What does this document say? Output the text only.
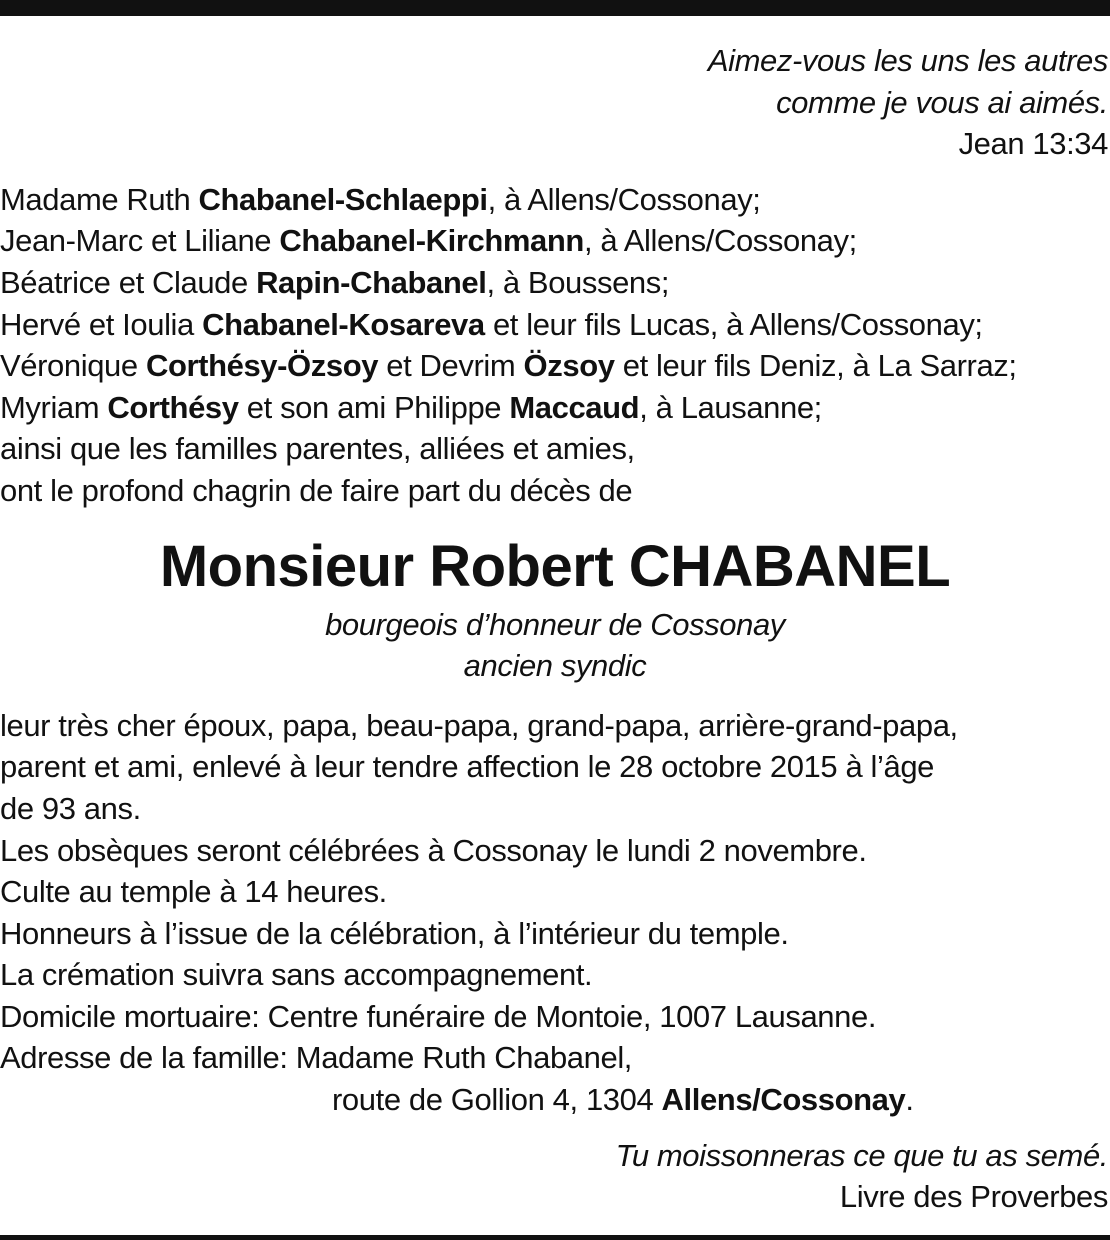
Aimez-vous les uns les autres
comme je vous ai aimés.
Jean 13:34
Madame Ruth Chabanel-Schlaeppi, à Allens/Cossonay;
Jean-Marc et Liliane Chabanel-Kirchmann, à Allens/Cossonay;
Béatrice et Claude Rapin-Chabanel, à Boussens;
Hervé et Ioulia Chabanel-Kosareva et leur fils Lucas, à Allens/Cossonay;
Véronique Corthésy-Özsoy et Devrim Özsoy et leur fils Deniz, à La Sarraz;
Myriam Corthésy et son ami Philippe Maccaud, à Lausanne;
ainsi que les familles parentes, alliées et amies,
ont le profond chagrin de faire part du décès de
Monsieur Robert CHABANEL
bourgeois d’honneur de Cossonay
ancien syndic
leur très cher époux, papa, beau-papa, grand-papa, arrière-grand-papa,
parent et ami, enlevé à leur tendre affection le 28 octobre 2015 à l’âge
de 93 ans.
Les obsèques seront célébrées à Cossonay le lundi 2 novembre.
Culte au temple à 14 heures.
Honneurs à l’issue de la célébration, à l’intérieur du temple.
La crémation suivra sans accompagnement.
Domicile mortuaire: Centre funéraire de Montoie, 1007 Lausanne.
Adresse de la famille: Madame Ruth Chabanel,
route de Gollion 4, 1304 Allens/Cossonay.
Tu moissonneras ce que tu as semé.
Livre des Proverbes
